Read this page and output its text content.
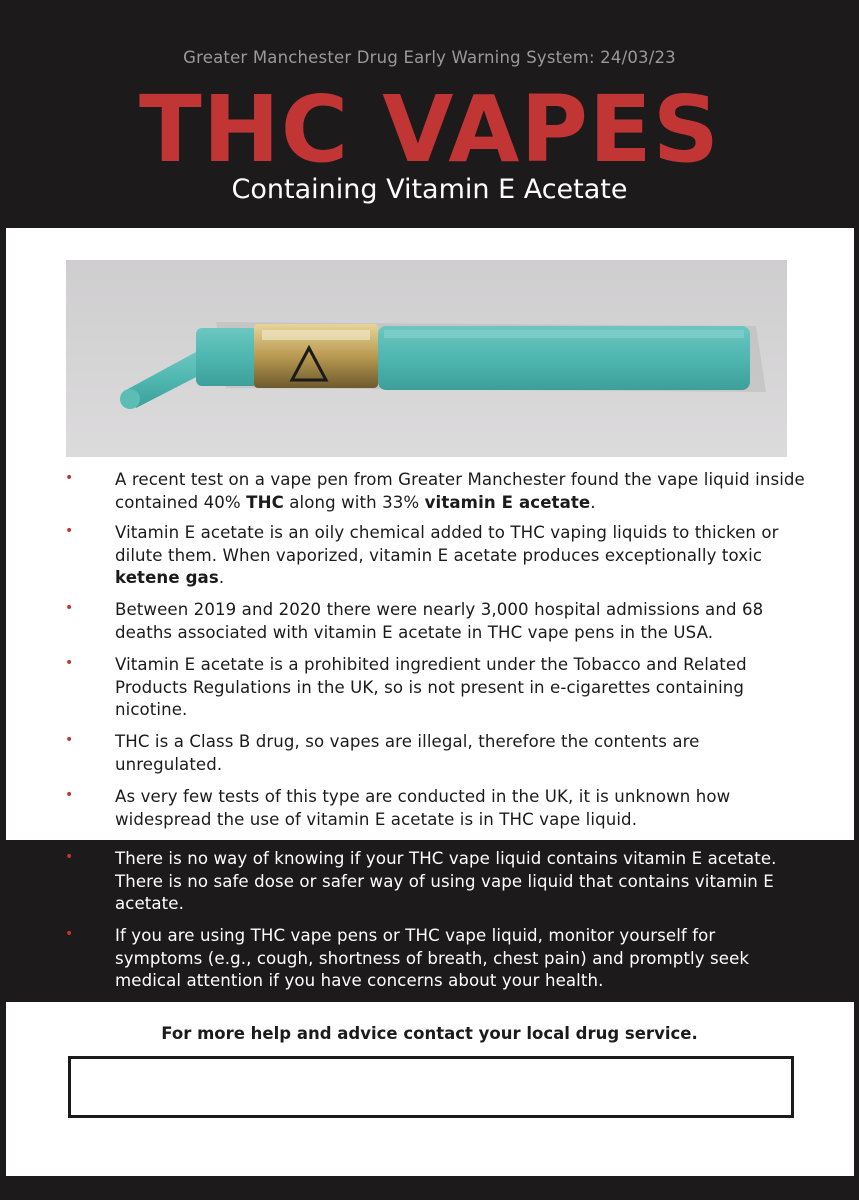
Greater Manchester Drug Early Warning System: 24/03/23
THC VAPES
Containing Vitamin E Acetate
•	A recent test on a vape pen from Greater Manchester found the vape liquid inside contained 40% THC along with 33% vitamin E acetate.
•	Vitamin E acetate is an oily chemical added to THC vaping liquids to thicken or dilute them. When vaporized, vitamin E acetate produces exceptionally toxic ketene gas.
•	Between 2019 and 2020 there were nearly 3,000 hospital admissions and 68 deaths associated with vitamin E acetate in THC vape pens in the USA.
•	Vitamin E acetate is a prohibited ingredient under the Tobacco and Related Products Regulations in the UK, so is not present in e-cigarettes containing nicotine.
•	THC is a Class B drug, so vapes are illegal, therefore the contents are unregulated.
•	As very few tests of this type are conducted in the UK, it is unknown how widespread the use of vitamin E acetate is in THC vape liquid.
•	There is no way of knowing if your THC vape liquid contains vitamin E acetate. There is no safe dose or safer way of using vape liquid that contains vitamin E acetate.
•	If you are using THC vape pens or THC vape liquid, monitor yourself for symptoms (e.g., cough, shortness of breath, chest pain) and promptly seek medical attention if you have concerns about your health.
For more help and advice contact your local drug service.
